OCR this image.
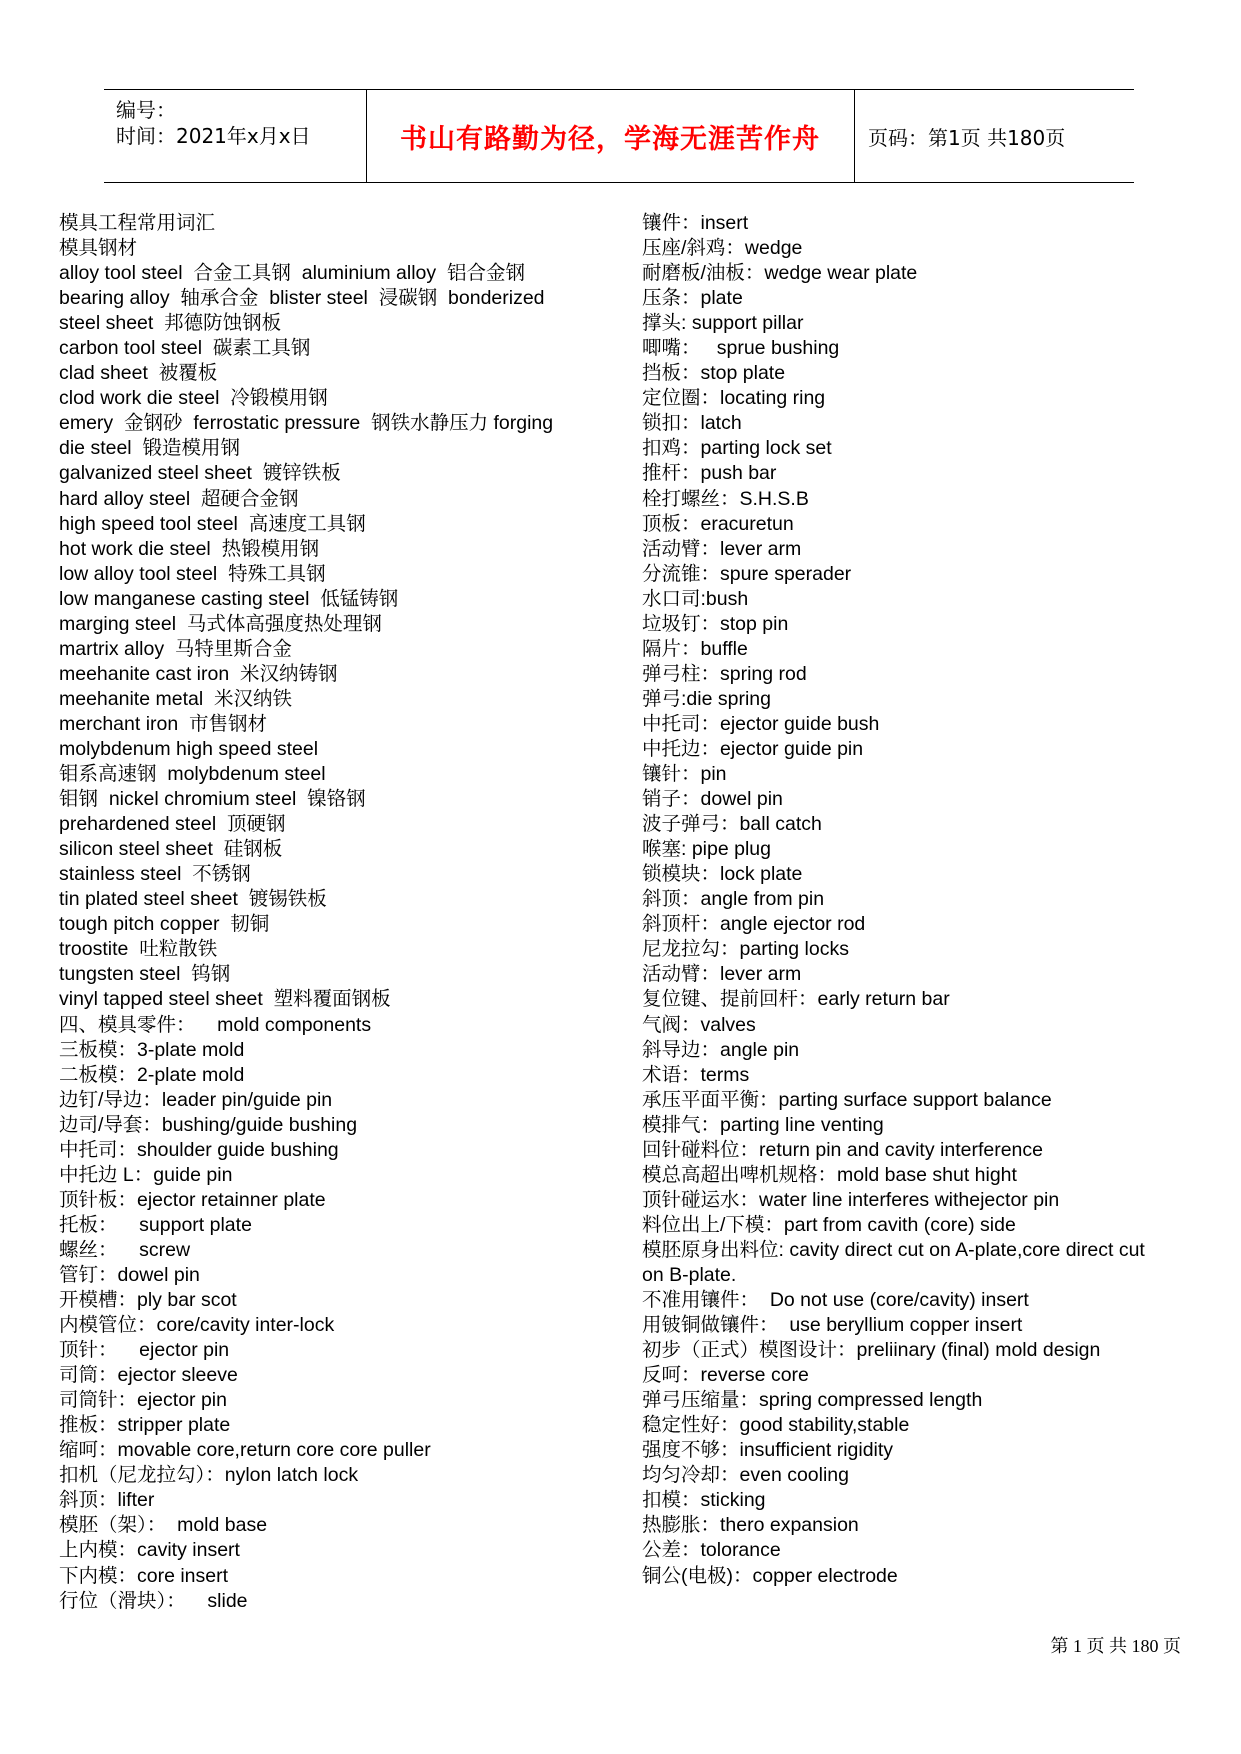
编号：
时间：2021年x月x日	书山有路勤为径，学海无涯苦作舟 页码：第1页 共180页
模具工程常用词汇
模具钢材
alloy tool steel  合金工具钢  aluminium alloy  铝合金钢
bearing alloy  轴承合金  blister steel  浸碳钢  bonderized
steel sheet  邦德防蚀钢板
carbon tool steel  碳素工具钢
clad sheet  被覆板
clod work die steel  冷锻模用钢
emery  金钢砂  ferrostatic pressure  钢铁水静压力 forging
die steel  锻造模用钢
galvanized steel sheet  镀锌铁板
hard alloy steel  超硬合金钢
high speed tool steel  高速度工具钢
hot work die steel  热锻模用钢
low alloy tool steel  特殊工具钢
low manganese casting steel  低锰铸钢
marging steel  马式体高强度热处理钢
martrix alloy  马特里斯合金
meehanite cast iron  米汉纳铸钢
meehanite metal  米汉纳铁
merchant iron  市售钢材
molybdenum high speed steel
钼系高速钢  molybdenum steel
钼钢  nickel chromium steel  镍铬钢
prehardened steel  顶硬钢
silicon steel sheet  硅钢板
stainless steel  不锈钢
tin plated steel sheet  镀锡铁板
tough pitch copper  韧铜
troostite  吐粒散铁
tungsten steel  钨钢
vinyl tapped steel sheet  塑料覆面钢板
四、模具零件：    mold components
三板模：3-plate mold
二板模：2-plate mold
边钉/导边：leader pin/guide pin
边司/导套：bushing/guide bushing
中托司：shoulder guide bushing
中托边 L：guide pin
顶针板：ejector retainner plate
托板：    support plate
螺丝：    screw
管钉：dowel pin
开模槽：ply bar scot
内模管位：core/cavity inter-lock
顶针：    ejector pin
司筒：ejector sleeve
司筒针：ejector pin
推板：stripper plate
缩呵：movable core,return core core puller
扣机（尼龙拉勾）：nylon latch lock
斜顶：lifter
模胚（架）：  mold base
上内模：cavity insert
下内模：core insert
行位（滑块）：    slide
镶件：insert
压座/斜鸡：wedge
耐磨板/油板：wedge wear plate
压条：plate
撑头: support pillar
唧嘴：   sprue bushing
挡板：stop plate
定位圈：locating ring
锁扣：latch
扣鸡：parting lock set
推杆：push bar
栓打螺丝：S.H.S.B
顶板：eracuretun
活动臂：lever arm
分流锥：spure sperader
水口司:bush
垃圾钉：stop pin
隔片：buffle
弹弓柱：spring rod
弹弓:die spring
中托司：ejector guide bush
中托边：ejector guide pin
镶针：pin
销子：dowel pin
波子弹弓：ball catch
喉塞: pipe plug
锁模块：lock plate
斜顶：angle from pin
斜顶杆：angle ejector rod
尼龙拉勾：parting locks
活动臂：lever arm
复位键、提前回杆：early return bar
气阀：valves
斜导边：angle pin
术语：terms
承压平面平衡：parting surface support balance
模排气：parting line venting
回针碰料位：return pin and cavity interference
模总高超出啤机规格：mold base shut hight
顶针碰运水：water line interferes withejector pin
料位出上/下模：part from cavith (core) side
模胚原身出料位: cavity direct cut on A-plate,core direct cut
on B-plate.
不准用镶件：  Do not use (core/cavity) insert
用铍铜做镶件：  use beryllium copper insert
初步（正式）模图设计：preliinary (final) mold design
反呵：reverse core
弹弓压缩量：spring compressed length
稳定性好：good stability,stable
强度不够：insufficient rigidity
均匀冷却：even cooling
扣模：sticking
热膨胀：thero expansion
公差：tolorance
铜公(电极)：copper electrode
第 1 页 共 180 页
